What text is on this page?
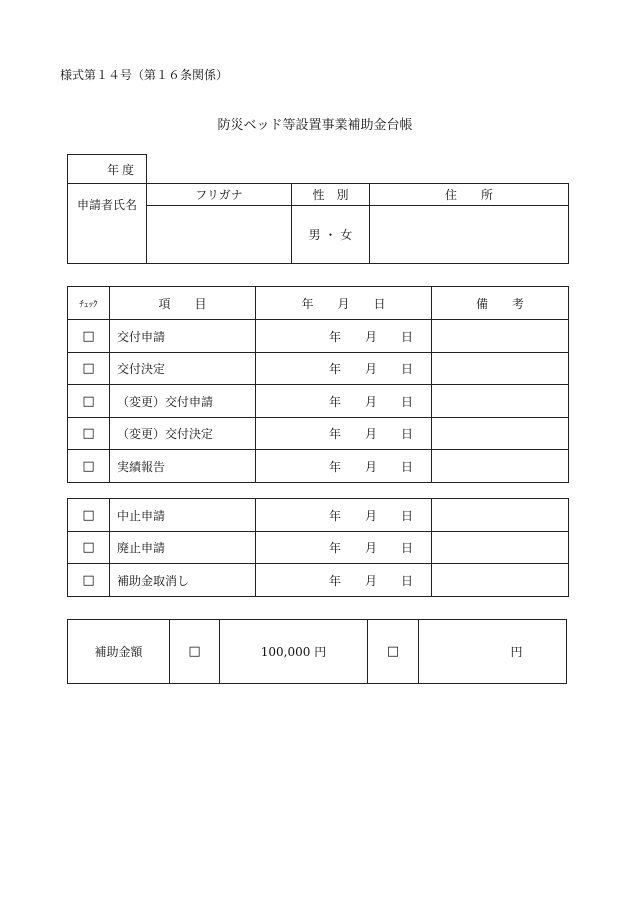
様式第１４号（第１６条関係）
防災ベッド等設置事業補助金台帳
年度			
申請者氏名	フリガナ	性　別	住　　所
		男 ・ 女	
ﾁｪｯｸ	項　　目	年　　月　　日	備　　考
□	交付申請	年　　月　　日	
□	交付決定	年　　月　　日	
□	（変更）交付申請	年　　月　　日	
□	（変更）交付決定	年　　月　　日	
□	実績報告	年　　月　　日	
□	中止申請	年　　月　　日	
□	廃止申請	年　　月　　日	
□	補助金取消し	年　　月　　日	
補助金額	□	100,000 円	□	円
